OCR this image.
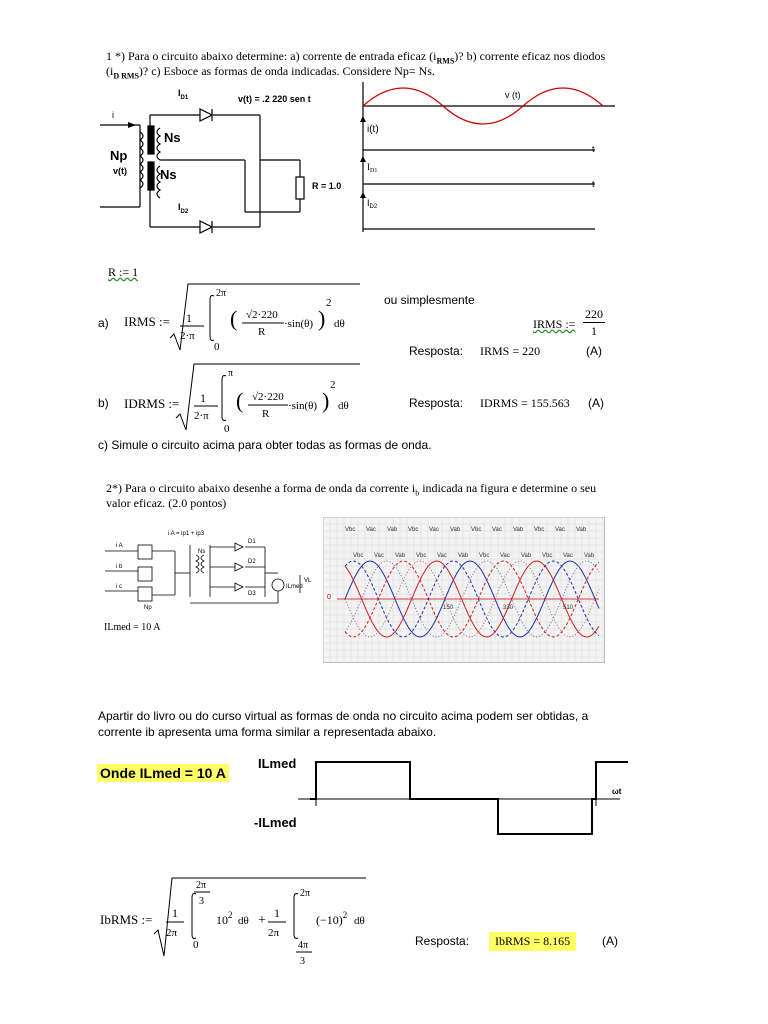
1 *) Para o circuito abaixo determine: a) corrente de entrada eficaz $(i_{RMS})$? b) corrente eficaz nos diodos
$(i_{D RMS})$? c) Esboce as formas de onda indicadas. Considere Np= Ns.
i
$I_{D1}$
$I_{D2}$
Np
v(t)
Ns
Ns
v(t) = .2 220 sen t
R = 1.0
v (t)
i(t)
t
$I_{D1}$
t
$I_{D2}$
R := 1
a) IRMS := 1
2·π
2π
0
( √2·220
R
·sin(θ) )
2
dθ
ou simplesmente
IRMS :=
220
1
Resposta: IRMS = 220	(A)
b) IDRMS := 1
2·π
π
0
( √2·220
R
·sin(θ) )
2
dθ	Resposta: IDRMS = 155.563 (A)
c) Simule o circuito acima para obter todas as formas de onda.
2*) Para o circuito abaixo desenhe a forma de onda da corrente $i_b$ indicada na figura e determine o seu
valor eficaz. (2.0 pontos)
i A
i b
i c
i A = ip1 + ip3
D1
D2
D3
ILmed
VL
Np
Ns
ILmed = 10 A
Vbc
Vbc
Vac
Vac
Vab
Vab
Vbc
Vbc
Vac
Vac
Vab
Vab
Vbc
Vbc
Vac
Vac
Vab
Vab
Vbc
Vbc
Vac
Vac
Vab
Vab
150	330	510
0
Apartir do livro ou do curso virtual as formas de onda no circuito acima podem ser obtidas, a
corrente ib apresenta uma forma similar a representada abaixo.
Onde ILmed = 10 A
ILmed
-ILmed
ωt
IbRMS := 1
2π
2π
3
0
$10^2$ dθ + 1
2π
2π
4π
3
$(-10)^2$ dθ
Resposta:	IbRMS = 8.165	(A)
